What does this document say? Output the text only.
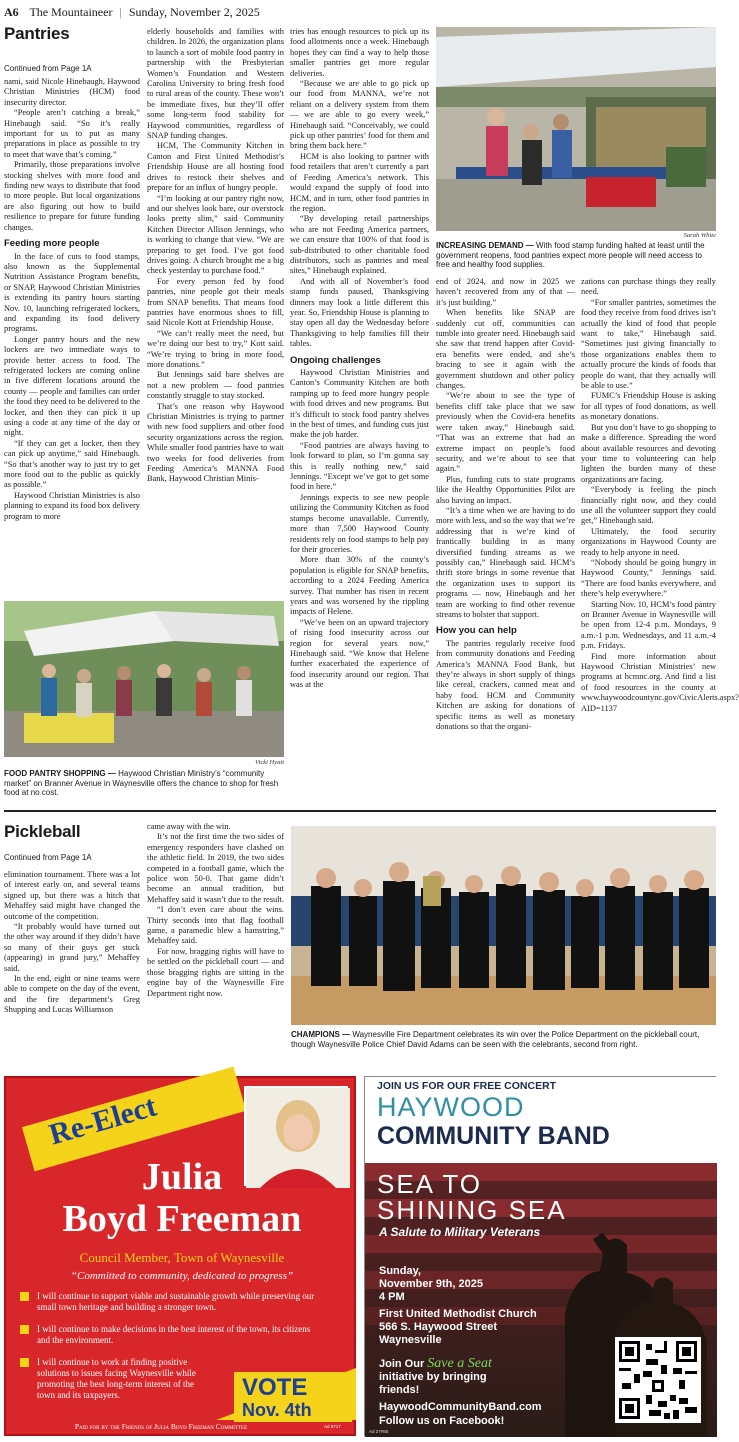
A6 The Mountaineer | Sunday, November 2, 2025
Pantries
Continued from Page 1A

nami, said Nicole Hinebaugh, Haywood Christian Ministries (HCM) food insecurity director.

“People aren’t catching a break,” Hinebaugh said. “So it’s really important for us to put as many preparations in place as possible to try to meet that wave that’s coming.”

Primarily, those preparations involve stocking shelves with more food and finding new ways to distribute that food to more people. But local organizations are also figuring out how to build resilience to prepare for future funding changes.

Feeding more people

In the face of cuts to food stamps, also known as the Supplemental Nutrition Assistance Program benefits, or SNAP, Haywood Christian Ministries is extending its pantry hours starting Nov. 10, launching refrigerated lockers, and expanding its food delivery programs.

Longer pantry hours and the new lockers are two immediate ways to provide better access to food. The refrigerated lockers are coming online in five different locations around the county — people and families can order the food they need to be delivered to the locker, and then they can pick it up using a code at any time of the day or night.

“If they can get a locker, then they can pick up anytime,” said Hinebaugh. “So that’s another way to just try to get more food out to the public as quickly as possible.”

Haywood Christian Ministries is also planning to expand its food box delivery program to more

elderly households and families with children. In 2026, the organization plans to launch a sort of mobile food pantry in partnership with the Presbyterian Women’s Foundation and Western Carolina University to bring fresh food to rural areas of the county. These won’t be immediate fixes, but they’ll offer some long-term food stability for Haywood communities, regardless of SNAP funding changes.

HCM, The Community Kitchen in Canton and First United Methodist’s Friendship House are all hosting food drives to restock their shelves and prepare for an influx of hungry people.

“I’m looking at our pantry right now, and our shelves look bare, our overstock looks pretty slim,” said Community Kitchen Director Allison Jennings, who is working to change that view. “We are preparing to get food. I’ve got food drives going. A church brought me a big check yesterday to purchase food.”

For every person fed by food pantries, nine people got their meals from SNAP benefits. That means food pantries have enormous shoes to fill, said Nicole Kott at Friendship House.

“We can’t really meet the need, but we’re doing our best to try,” Kott said. “We’re trying to bring in more food, more donations.”

But Jennings said bare shelves are not a new problem — food pantries constantly struggle to stay stocked.

That’s one reason why Haywood Christian Ministries is trying to partner with new food suppliers and other food security organizations across the region. While smaller food pantries have to wait two weeks for food deliveries from Feeding America’s MANNA Food Bank, Haywood Christian Minis-

tries has enough resources to pick up its food allotments once a week. Hinebaugh hopes they can find a way to help those smaller pantries get more regular deliveries.

“Because we are able to go pick up our food from MANNA, we’re not reliant on a delivery system from them — we are able to go every week,” Hinebaugh said. “Conceivably, we could pick up other pantries’ food for them and bring them back here.”

HCM is also looking to partner with food retailers that aren’t currently a part of Feeding America’s network. This would expand the supply of food into HCM, and in turn, other food pantries in the region.

“By developing retail partnerships who are not Feeding America partners, we can ensure that 100% of that food is sub-distributed to other charitable food distributors, such as pantries and meal sites,” Hinebaugh explained.

And with all of November’s food stamp funds paused, Thanksgiving dinners may look a little different this year. So, Friendship House is planning to stay open all day the Wednesday before Thanksgiving to help families fill their tables.

Ongoing challenges

Haywood Christian Ministries and Canton’s Community Kitchen are both ramping up to feed more hungry people with food drives and new programs. But it’s difficult to stock food pantry shelves in the best of times, and funding cuts just make the job harder.

“Food pantries are always having to look forward to plan, so I’m gonna say this is really nothing new,” said Jennings. “Except we’ve got to get some food in here.”

Jennings expects to see new people utilizing the Community Kitchen as food stamps become unavailable. Currently, more than 7,500 Haywood County residents rely on food stamps to help pay for their groceries.

More than 30% of the county’s population is eligible for SNAP benefits, according to a 2024 Feeding America survey. That number has risen in recent years and was worsened by the rippling impacts of Helene.

“We’ve been on an upward trajectory of rising food insecurity across our region for several years now,” Hinebaugh said. “We know that Helene further exacerbated the experience of food insecurity around our region. That was at the

Sarah White
INCREASING DEMAND — With food stamp funding halted at least until the government reopens, food pantries expect more people will need access to free and healthy food supplies.

end of 2024, and now in 2025 we haven’t recovered from any of that — it’s just building.”

When benefits like SNAP are suddenly cut off, communities can tumble into greater need. Hinebaugh said she saw that trend happen after Covid-era benefits were ended, and she’s bracing to see it again with the government shutdown and other policy changes.

“We’re about to see the type of benefits cliff take place that we saw previously when the Covid-era benefits were taken away,” Hinebaugh said. “That was an extreme that had an extreme impact on people’s food security, and we’re about to see that again.”

Plus, funding cuts to state programs like the Healthy Opportunities Pilot are also having an impact.

“It’s a time when we are having to do more with less, and so the way that we’re addressing that is we’re kind of frantically building in as many diversified funding streams as we possibly can,” Hinebaugh said. HCM’s thrift store brings in some revenue that the organization uses to support its programs — now, Hinebaugh and her team are working to find other revenue streams to bolster that support.

How you can help

The pantries regularly receive food from community donations and Feeding America’s MANNA Food Bank, but they’re always in short supply of things like cereal, crackers, canned meat and baby food. HCM and Community Kitchen are asking for donations of specific items as well as monetary donations so that the organi-

zations can purchase things they really need.

“For smaller pantries, sometimes the food they receive from food drives isn’t actually the kind of food that people want to take,” Hinebaugh said. “Sometimes just giving financially to those organizations enables them to actually procure the kinds of foods that people do want, that they actually will be able to use.”

FUMC’s Friendship House is asking for all types of food donations, as well as monetary donations.

But you don’t have to go shopping to make a difference. Spreading the word about available resources and devoting your time to volunteering can help lighten the burden many of these organizations are facing.

“Everybody is feeling the pinch financially right now, and they could use all the volunteer support they could get,” Hinebaugh said.

Ultimately, the food security organizations in Haywood County are ready to help anyone in need.

“Nobody should be going hungry in Haywood County,” Jennings said. “There are food banks everywhere, and there’s help everywhere.”

Starting Nov. 10, HCM’s food pantry on Branner Avenue in Waynesville will be open from 12-4 p.m. Mondays, 9 a.m.-1 p.m. Wednesdays, and 11 a.m.-4 p.m. Fridays.

Find more information about Haywood Christian Ministries’ new programs at hcmnc.org. And find a list of food resources in the county at www.haywoodcountync.gov/CivicAlerts.aspx?AID=1137

Vicki Hyatt
FOOD PANTRY SHOPPING — Haywood Christian Ministry’s “community market” on Branner Avenue in Waynesville offers the chance to shop for fresh food at no cost.
Pickleball
Continued from Page 1A

elimination tournament. There was a lot of interest early on, and several teams signed up, but there was a hitch that Mehaffey said might have changed the outcome of the competition.

“It probably would have turned out the other way around if they didn’t have so many of their guys get stuck (appearing) in grand jury,” Mehaffey said.

In the end, eight or nine teams were able to compete on the day of the event, and the fire department’s Greg Shupping and Lucas Williamson

came away with the win.

It’s not the first time the two sides of emergency responders have clashed on the athletic field. In 2019, the two sides competed in a football game, which the police won 50-0. That game didn’t become an annual tradition, but Mehaffey said it wasn’t due to the result.

“I don’t even care about the wins. Thirty seconds into that flag football game, a paramedic blew a hamstring,” Mehaffey said.

For now, bragging rights will have to be settled on the pickleball court — and those bragging rights are sitting in the engine bay of the Waynesville Fire Department right now.

CHAMPIONS — Waynesville Fire Department celebrates its win over the Police Department on the pickleball court, though Waynesville Police Chief David Adams can be seen with the celebrants, second from right.
Re-Elect
Julia
Boyd Freeman
Council Member, Town of Waynesville
“Committed to community, dedicated to progress”
I will continue to support viable and sustainable growth while preserving our small town heritage and building a stronger town.
I will continue to make decisions in the best interest of the town, its citizens and the environment.
I will continue to work at finding positive solutions to issues facing Waynesville while promoting the best long-term interest of the town and its taxpayers.	VOTE
Nov. 4th
Paid for by the Friends of Julia Boyd Freeman Committee	Ad 8717
JOIN US FOR OUR FREE CONCERT
HAYWOOD
COMMUNITY BAND
SEA TO
SHINING SEA
A Salute to Military Veterans
Sunday,
November 9th, 2025
4 PM
First United Methodist Church
566 S. Haywood Street
Waynesville
Join Our Save a Seat initiative by bringing friends!
HaywoodCommunityBand.com
Follow us on Facebook!
Ad 27#85
